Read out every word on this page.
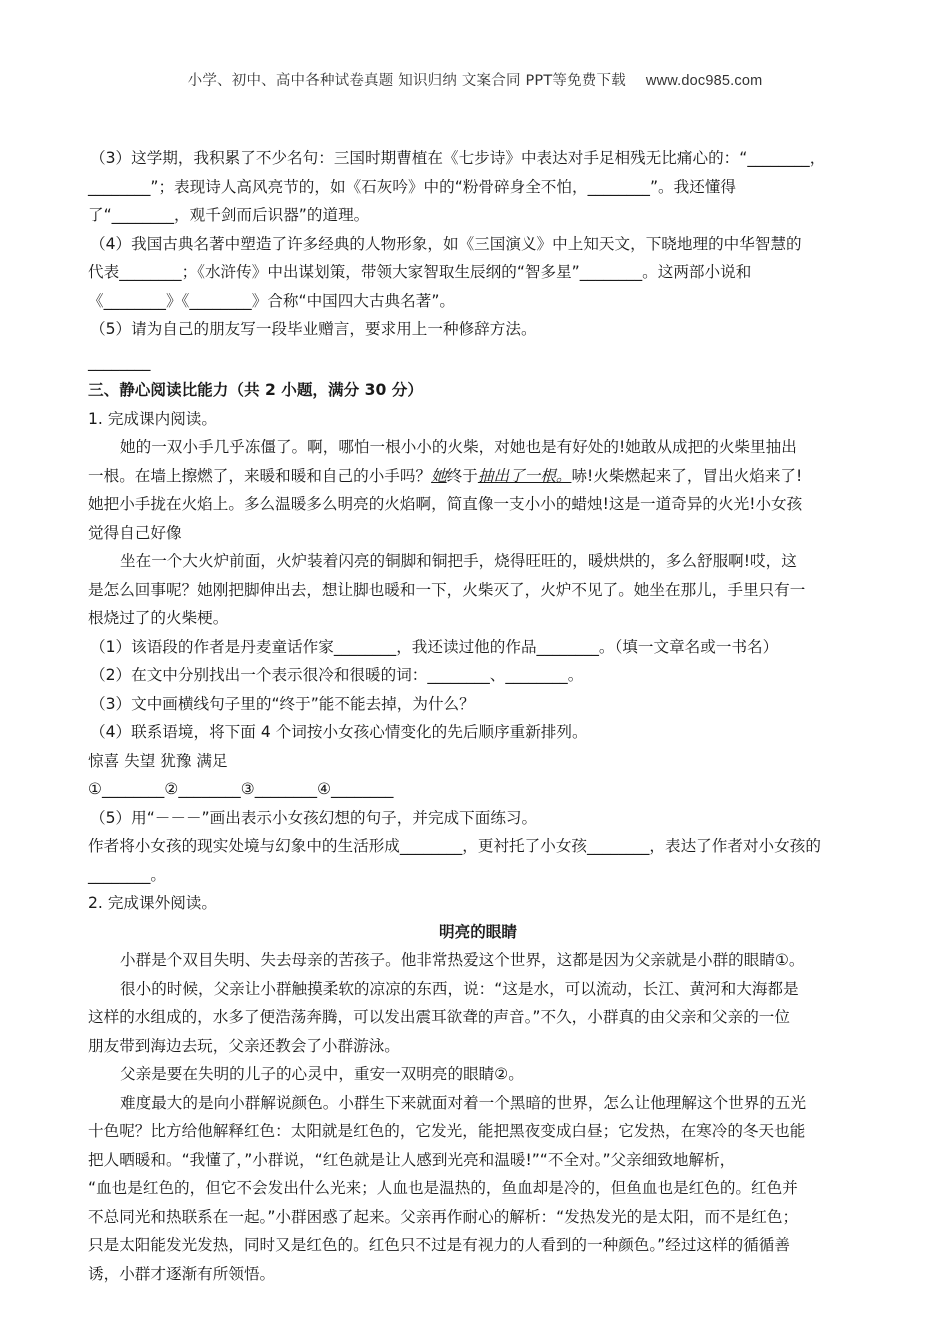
小学、初中、高中各种试卷真题 知识归纳 文案合同 PPT等免费下载 www.doc985.com
（3）这学期，我积累了不少名句：三国时期曹植在《七步诗》中表达对手足相残无比痛心的：“________，
________”；表现诗人高风亮节的，如《石灰吟》中的“粉骨碎身全不怕，________”。我还懂得
了“________，观千剑而后识器”的道理。
（4）我国古典名著中塑造了许多经典的人物形象，如《三国演义》中上知天文，下晓地理的中华智慧的
代表________；《水浒传》中出谋划策，带领大家智取生辰纲的“智多星”________。这两部小说和
《________》《________》合称“中国四大古典名著”。
（5）请为自己的朋友写一段毕业赠言，要求用上一种修辞方法。
________
三、静心阅读比能力（共 2 小题，满分 30 分）
1. 完成课内阅读。
她的一双小手几乎冻僵了。啊，哪怕一根小小的火柴，对她也是有好处的!她敢从成把的火柴里抽出
一根。在墙上擦燃了，来暖和暖和自己的小手吗？她终于抽出了一根。哧!火柴燃起来了，冒出火焰来了!
她把小手拢在火焰上。多么温暖多么明亮的火焰啊，简直像一支小小的蜡烛!这是一道奇异的火光!小女孩
觉得自己好像
坐在一个大火炉前面，火炉装着闪亮的铜脚和铜把手，烧得旺旺的，暖烘烘的，多么舒服啊!哎，这
是怎么回事呢？她刚把脚伸出去，想让脚也暖和一下，火柴灭了，火炉不见了。她坐在那儿，手里只有一
根烧过了的火柴梗。
（1）该语段的作者是丹麦童话作家________，我还读过他的作品________。（填一文章名或一书名）
（2）在文中分别找出一个表示很冷和很暖的词：________、________。
（3）文中画横线句子里的“终于”能不能去掉，为什么？
（4）联系语境，将下面 4 个词按小女孩心情变化的先后顺序重新排列。
惊喜 失望 犹豫 满足
①________②________③________④________
（5）用“－－－”画出表示小女孩幻想的句子，并完成下面练习。
作者将小女孩的现实处境与幻象中的生活形成________，更衬托了小女孩________，表达了作者对小女孩的
________。
2. 完成课外阅读。
明亮的眼睛
小群是个双目失明、失去母亲的苦孩子。他非常热爱这个世界，这都是因为父亲就是小群的眼睛①。
很小的时候，父亲让小群触摸柔软的凉凉的东西，说：“这是水，可以流动，长江、黄河和大海都是
这样的水组成的，水多了便浩荡奔腾，可以发出震耳欲聋的声音。”不久，小群真的由父亲和父亲的一位
朋友带到海边去玩，父亲还教会了小群游泳。
父亲是要在失明的儿子的心灵中，重安一双明亮的眼睛②。
难度最大的是向小群解说颜色。小群生下来就面对着一个黑暗的世界，怎么让他理解这个世界的五光
十色呢？比方给他解释红色：太阳就是红色的，它发光，能把黑夜变成白昼；它发热，在寒冷的冬天也能
把人晒暖和。“我懂了，”小群说，“红色就是让人感到光亮和温暖!”“不全对。”父亲细致地解析，
“血也是红色的，但它不会发出什么光来；人血也是温热的，鱼血却是冷的，但鱼血也是红色的。红色并
不总同光和热联系在一起。”小群困惑了起来。父亲再作耐心的解析：“发热发光的是太阳，而不是红色；
只是太阳能发光发热，同时又是红色的。红色只不过是有视力的人看到的一种颜色。”经过这样的循循善
诱，小群才逐渐有所领悟。
